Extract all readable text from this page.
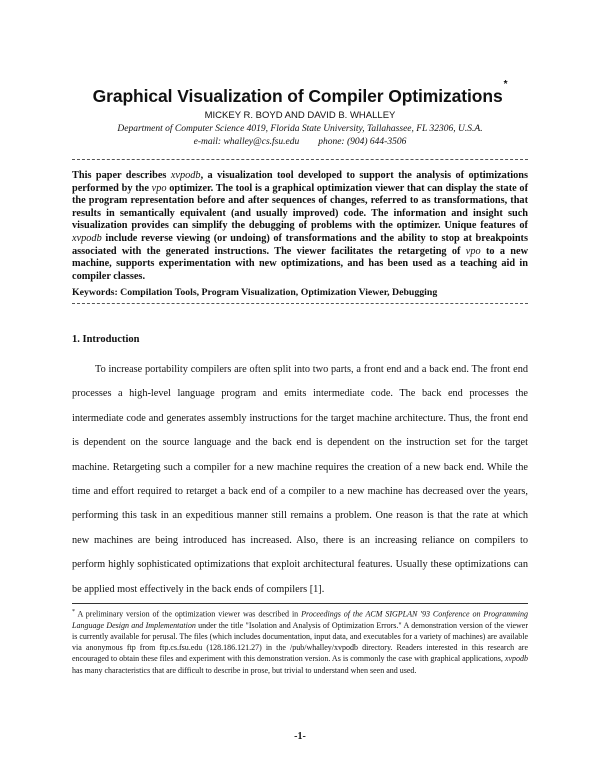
Graphical Visualization of Compiler Optimizations*
MICKEY R. BOYD AND DAVID B. WHALLEY
Department of Computer Science 4019, Florida State University, Tallahassee, FL 32306, U.S.A.
e-mail: whalley@cs.fsu.edu phone: (904) 644-3506

This paper describes xvpodb, a visualization tool developed to support the analysis of optimizations performed by the vpo optimizer. The tool is a graphical optimization viewer that can display the state of the program representation before and after sequences of changes, referred to as transformations, that results in semantically equivalent (and usually improved) code. The information and insight such visualization provides can simplify the debugging of problems with the optimizer. Unique features of xvpodb include reverse viewing (or undoing) of transformations and the ability to stop at breakpoints associated with the generated instructions. The viewer facilitates the retargeting of vpo to a new machine, supports experimentation with new optimizations, and has been used as a teaching aid in compiler classes.

Keywords: Compilation Tools, Program Visualization, Optimization Viewer, Debugging

1. Introduction

To increase portability compilers are often split into two parts, a front end and a back end. The front end processes a high-level language program and emits intermediate code. The back end processes the intermediate code and generates assembly instructions for the target machine architecture. Thus, the front end is dependent on the source language and the back end is dependent on the instruction set for the target machine. Retargeting such a compiler for a new machine requires the creation of a new back end. While the time and effort required to retarget a back end of a compiler to a new machine has decreased over the years, performing this task in an expeditious manner still remains a problem. One reason is that the rate at which new machines are being introduced has increased. Also, there is an increasing reliance on compilers to perform highly sophisticated optimizations that exploit architectural features. Usually these optimizations can be applied most effectively in the back ends of compilers [1].

* A preliminary version of the optimization viewer was described in Proceedings of the ACM SIGPLAN '93 Conference on Programming Language Design and Implementation under the title "Isolation and Analysis of Optimization Errors." A demonstration version of the viewer is currently available for perusal. The files (which includes documentation, input data, and executables for a variety of machines) are available via anonymous ftp from ftp.cs.fsu.edu (128.186.121.27) in the /pub/whalley/xvpodb directory. Readers interested in this research are encouraged to obtain these files and experiment with this demonstration version. As is commonly the case with graphical applications, xvpodb has many characteristics that are difficult to describe in prose, but trivial to understand when seen and used.

-1-
